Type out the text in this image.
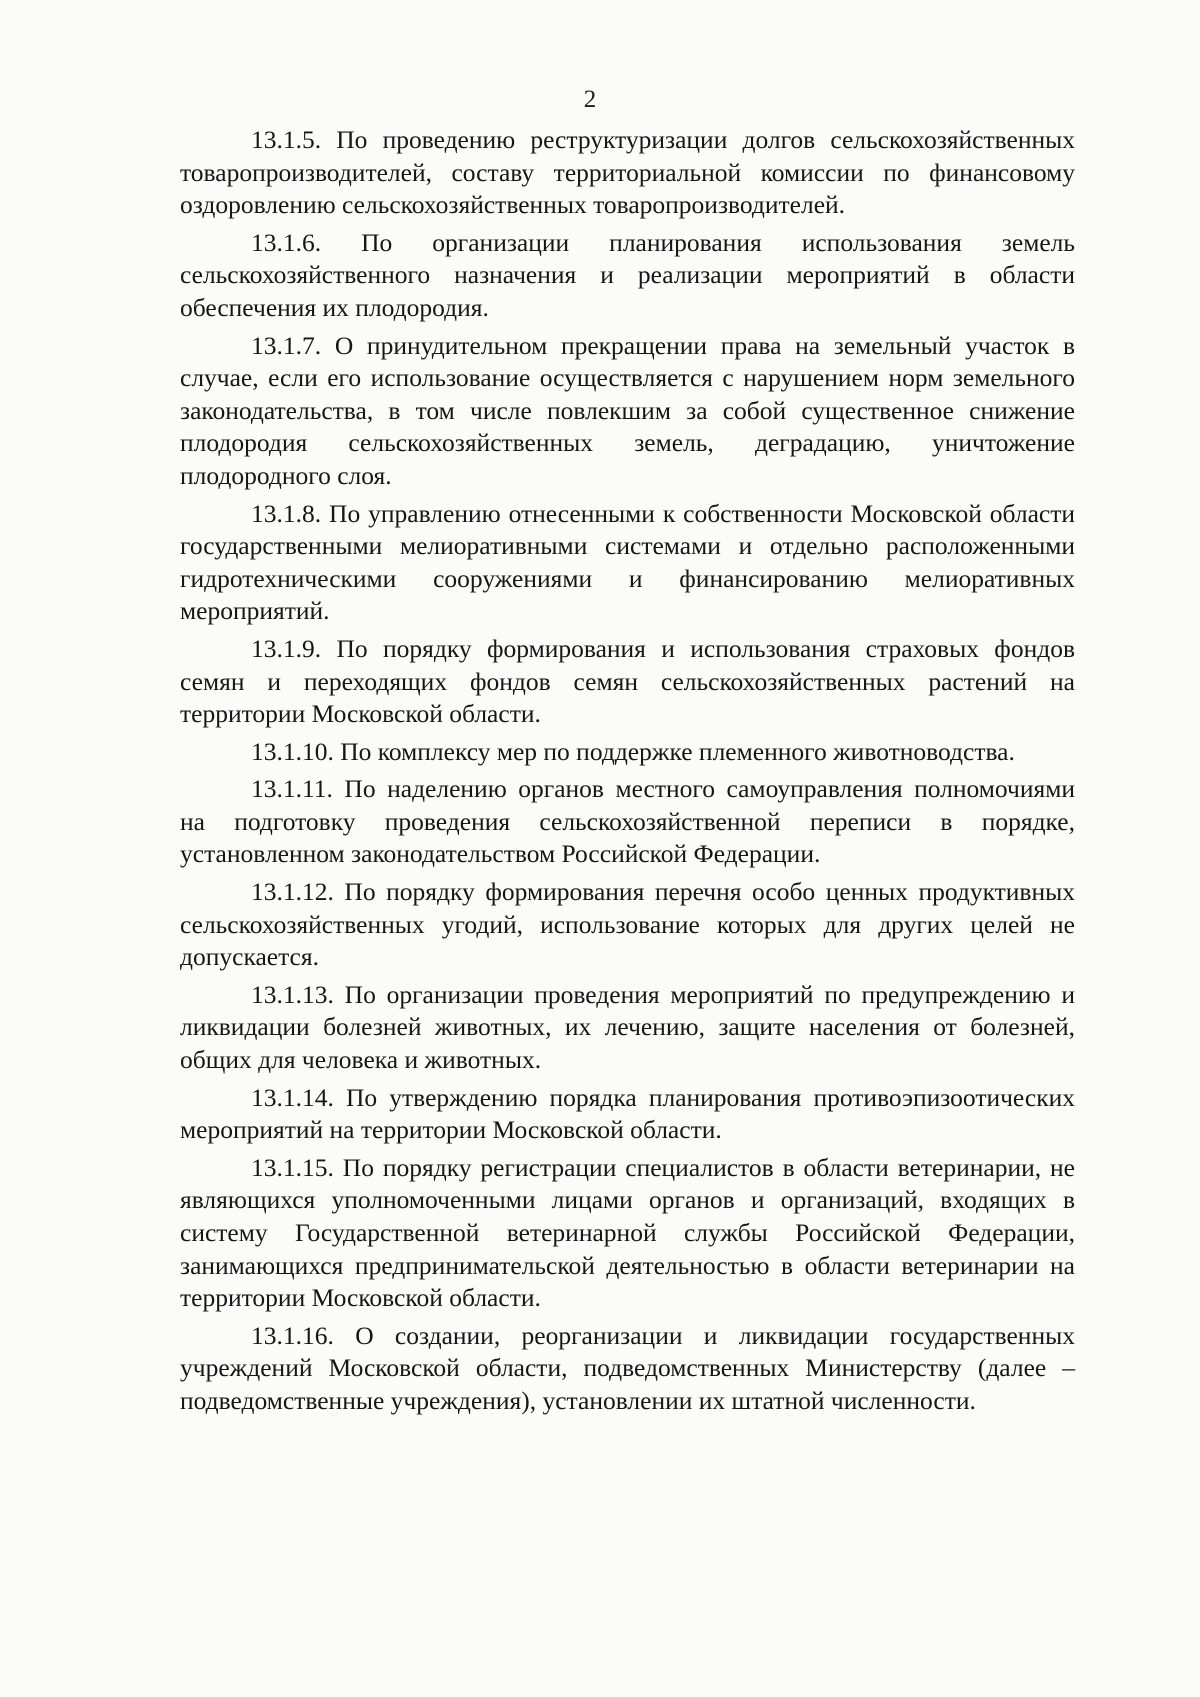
2

13.1.5. По проведению реструктуризации долгов сельскохозяйственных товаропроизводителей, составу территориальной комиссии по финансовому оздоровлению сельскохозяйственных товаропроизводителей.

13.1.6. По организации планирования использования земель сельскохозяйственного назначения и реализации мероприятий в области обеспечения их плодородия.

13.1.7. О принудительном прекращении права на земельный участок в случае, если его использование осуществляется с нарушением норм земельного законодательства, в том числе повлекшим за собой существенное снижение плодородия сельскохозяйственных земель, деградацию, уничтожение плодородного слоя.

13.1.8. По управлению отнесенными к собственности Московской области государственными мелиоративными системами и отдельно расположенными гидротехническими сооружениями и финансированию мелиоративных мероприятий.

13.1.9. По порядку формирования и использования страховых фондов семян и переходящих фондов семян сельскохозяйственных растений на территории Московской области.

13.1.10. По комплексу мер по поддержке племенного животноводства.

13.1.11. По наделению органов местного самоуправления полномочиями на подготовку проведения сельскохозяйственной переписи в порядке, установленном законодательством Российской Федерации.

13.1.12. По порядку формирования перечня особо ценных продуктивных сельскохозяйственных угодий, использование которых для других целей не допускается.

13.1.13. По организации проведения мероприятий по предупреждению и ликвидации болезней животных, их лечению, защите населения от болезней, общих для человека и животных.

13.1.14. По утверждению порядка планирования противоэпизоотических мероприятий на территории Московской области.

13.1.15. По порядку регистрации специалистов в области ветеринарии, не являющихся уполномоченными лицами органов и организаций, входящих в систему Государственной ветеринарной службы Российской Федерации, занимающихся предпринимательской деятельностью в области ветеринарии на территории Московской области.

13.1.16. О создании, реорганизации и ликвидации государственных учреждений Московской области, подведомственных Министерству (далее – подведомственные учреждения), установлении их штатной численности.
